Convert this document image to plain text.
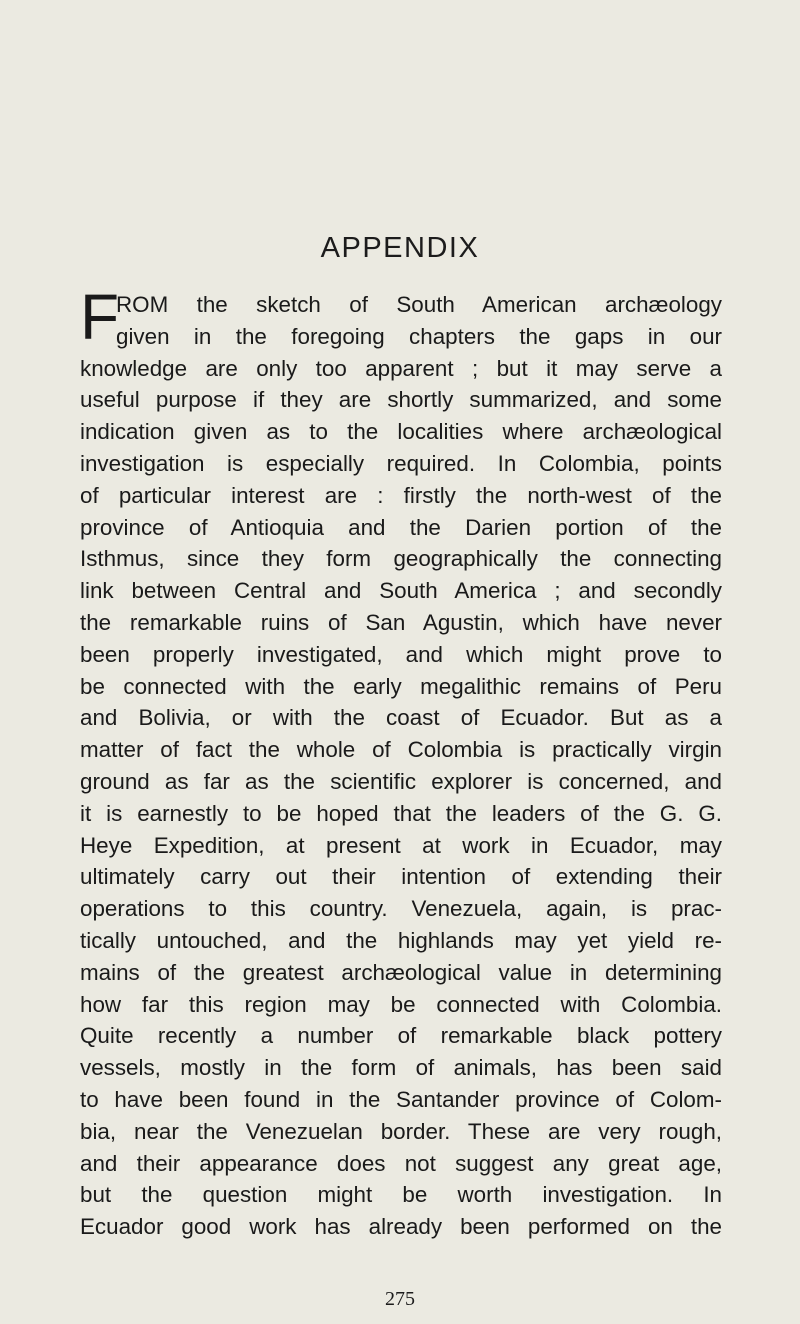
APPENDIX
F
ROM the sketch of South American archæology
given in the foregoing chapters the gaps in our
knowledge are only too apparent ; but it may serve a
useful purpose if they are shortly summarized, and some
indication given as to the localities where archæological
investigation is especially required. In Colombia, points
of particular interest are : firstly the north-west of the
province of Antioquia and the Darien portion of the
Isthmus, since they form geographically the connecting
link between Central and South America ; and secondly
the remarkable ruins of San Agustin, which have never
been properly investigated, and which might prove to
be connected with the early megalithic remains of Peru
and Bolivia, or with the coast of Ecuador. But as a
matter of fact the whole of Colombia is practically virgin
ground as far as the scientific explorer is concerned, and
it is earnestly to be hoped that the leaders of the G. G.
Heye Expedition, at present at work in Ecuador, may
ultimately carry out their intention of extending their
operations to this country. Venezuela, again, is prac-
tically untouched, and the highlands may yet yield re-
mains of the greatest archæological value in determining
how far this region may be connected with Colombia.
Quite recently a number of remarkable black pottery
vessels, mostly in the form of animals, has been said
to have been found in the Santander province of Colom-
bia, near the Venezuelan border. These are very rough,
and their appearance does not suggest any great age,
but the question might be worth investigation. In
Ecuador good work has already been performed on the
275
